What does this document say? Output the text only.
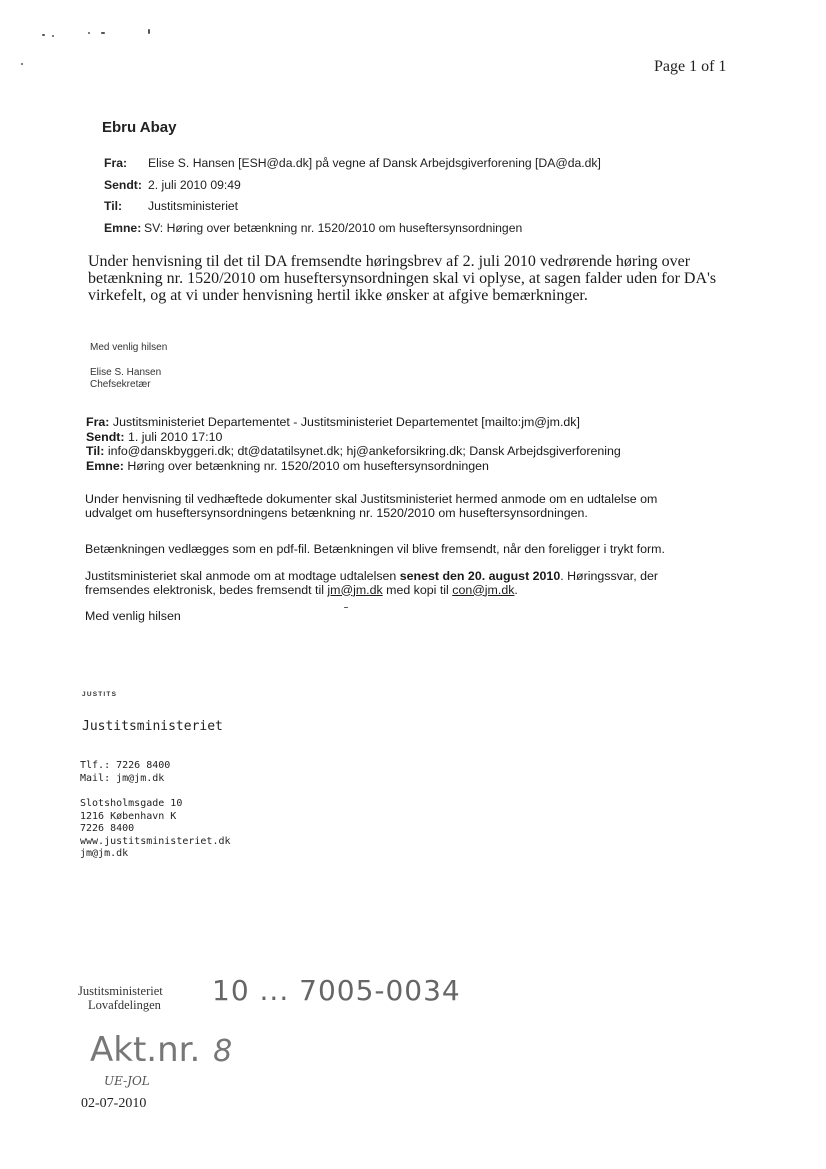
Page 1 of 1
Ebru Abay
Fra: Elise S. Hansen [ESH@da.dk] på vegne af Dansk Arbejdsgiverforening [DA@da.dk]
Sendt: 2. juli 2010 09:49
Til: Justitsministeriet
Emne: SV: Høring over betænkning nr. 1520/2010 om huseftersynsordningen
Under henvisning til det til DA fremsendte høringsbrev af 2. juli 2010 vedrørende høring over
betænkning nr. 1520/2010 om huseftersynsordningen skal vi oplyse, at sagen falder uden for DA's
virkefelt, og at vi under henvisning hertil ikke ønsker at afgive bemærkninger.
Med venlig hilsen
Elise S. Hansen
Chefsekretær
Fra: Justitsministeriet Departementet - Justitsministeriet Departementet [mailto:jm@jm.dk]
Sendt: 1. juli 2010 17:10
Til: info@danskbyggeri.dk; dt@datatilsynet.dk; hj@ankeforsikring.dk; Dansk Arbejdsgiverforening
Emne: Høring over betænkning nr. 1520/2010 om huseftersynsordningen
Under henvisning til vedhæftede dokumenter skal Justitsministeriet hermed anmode om en udtalelse om
udvalget om huseftersynsordningens betænkning nr. 1520/2010 om huseftersynsordningen.
Betænkningen vedlægges som en pdf-fil. Betænkningen vil blive fremsendt, når den foreligger i trykt form.
Justitsministeriet skal anmode om at modtage udtalelsen senest den 20. august 2010. Høringssvar, der
fremsendes elektronisk, bedes fremsendt til jm@jm.dk med kopi til con@jm.dk.
Med venlig hilsen
JUSTITS
Justitsministeriet
Tlf.: 7226 8400
Mail: jm@jm.dk
Slotsholmsgade 10
1216 København K
7226 8400
www.justitsministeriet.dk
jm@jm.dk
Justitsministeriet
Lovafdelingen 10 ... 7005-0034
Akt.nr. 8
UE-JOL
02-07-2010
